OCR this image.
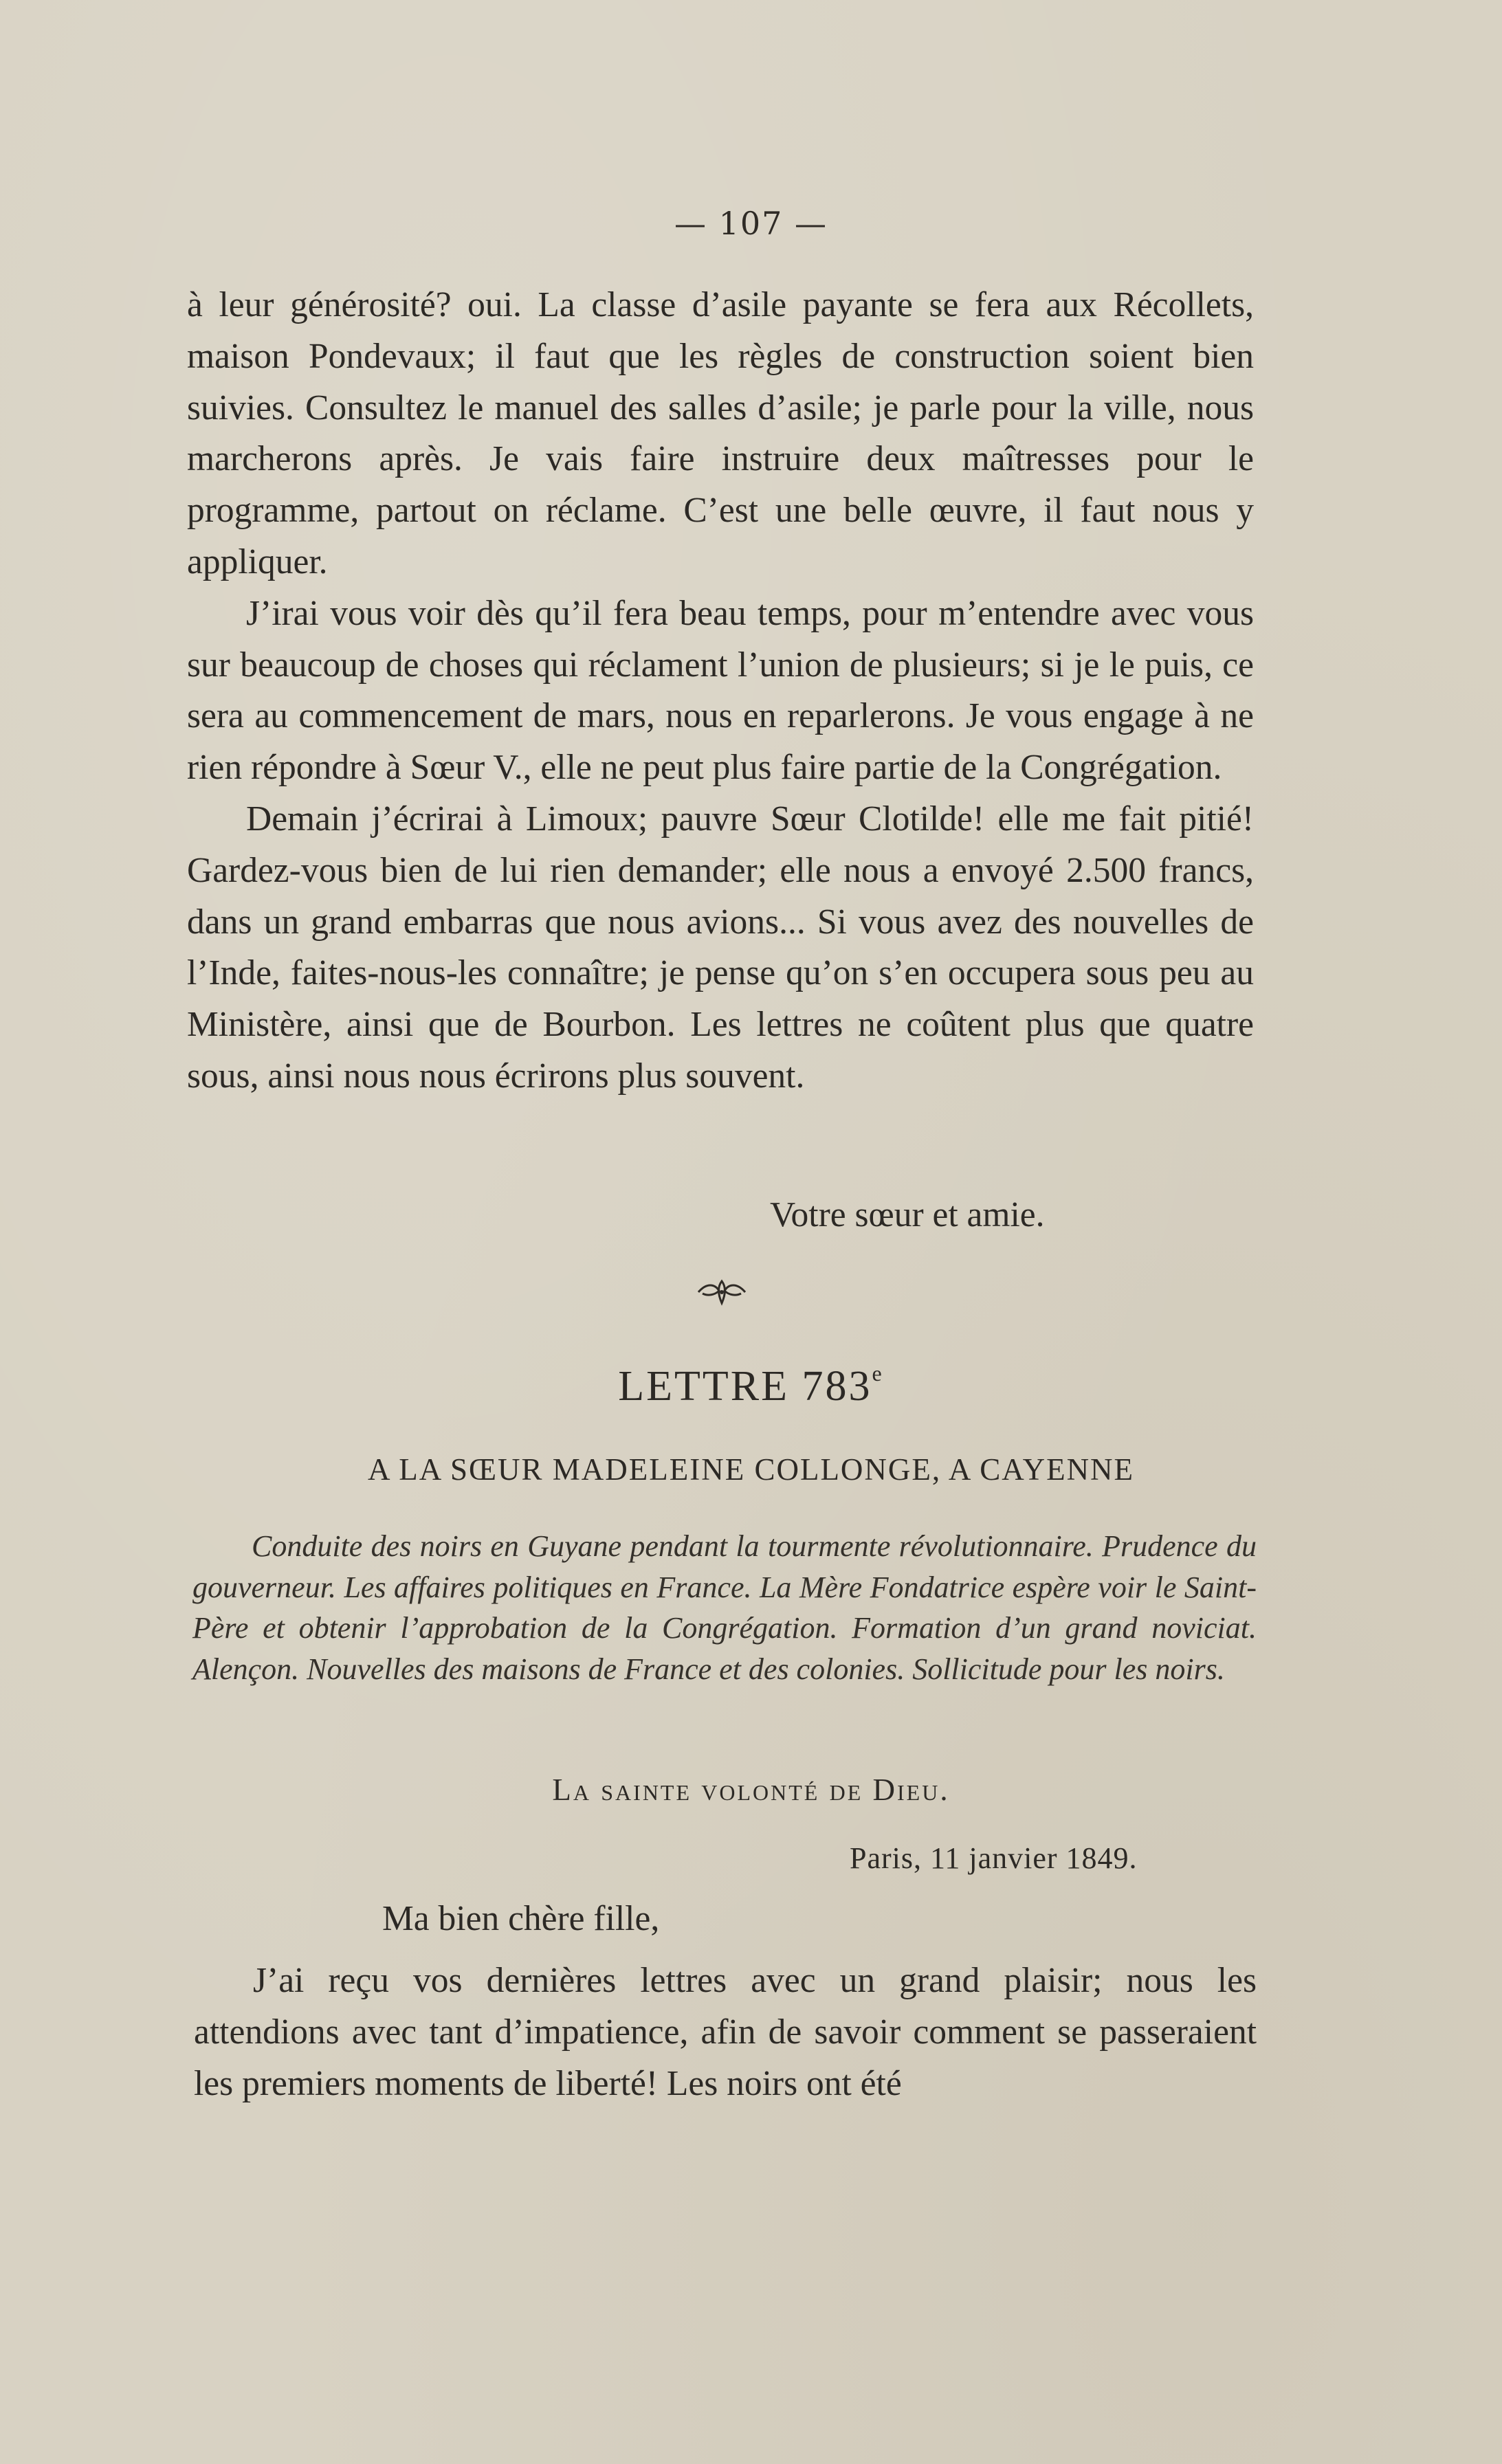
— 107 —

à leur générosité? oui. La classe d’asile payante se fera aux Récollets, maison Pondevaux; il faut que les règles de construction soient bien suivies. Consultez le manuel des salles d’asile; je parle pour la ville, nous marcherons après. Je vais faire instruire deux maîtresses pour le programme, partout on réclame. C’est une belle œuvre, il faut nous y appliquer.

J’irai vous voir dès qu’il fera beau temps, pour m’entendre avec vous sur beaucoup de choses qui réclament l’union de plusieurs; si je le puis, ce sera au commencement de mars, nous en reparlerons. Je vous engage à ne rien répondre à Sœur V., elle ne peut plus faire partie de la Congrégation.

Demain j’écrirai à Limoux; pauvre Sœur Clotilde! elle me fait pitié! Gardez-vous bien de lui rien demander; elle nous a envoyé 2.500 francs, dans un grand embarras que nous avions... Si vous avez des nouvelles de l’Inde, faites-nous-les connaître; je pense qu’on s’en occupera sous peu au Ministère, ainsi que de Bourbon. Les lettres ne coûtent plus que quatre sous, ainsi nous nous écrirons plus souvent.

Votre sœur et amie.
LETTRE 783e
A LA SŒUR MADELEINE COLLONGE, A CAYENNE

Conduite des noirs en Guyane pendant la tourmente révolutionnaire. Prudence du gouverneur. Les affaires politiques en France. La Mère Fondatrice espère voir le Saint-Père et obtenir l’approbation de la Congrégation. Formation d’un grand noviciat. Alençon. Nouvelles des maisons de France et des colonies. Sollicitude pour les noirs.

La sainte volonté de Dieu.
Paris, 11 janvier 1849.
Ma bien chère fille,

J’ai reçu vos dernières lettres avec un grand plaisir; nous les attendions avec tant d’impatience, afin de savoir comment se passeraient les premiers moments de liberté! Les noirs ont été
